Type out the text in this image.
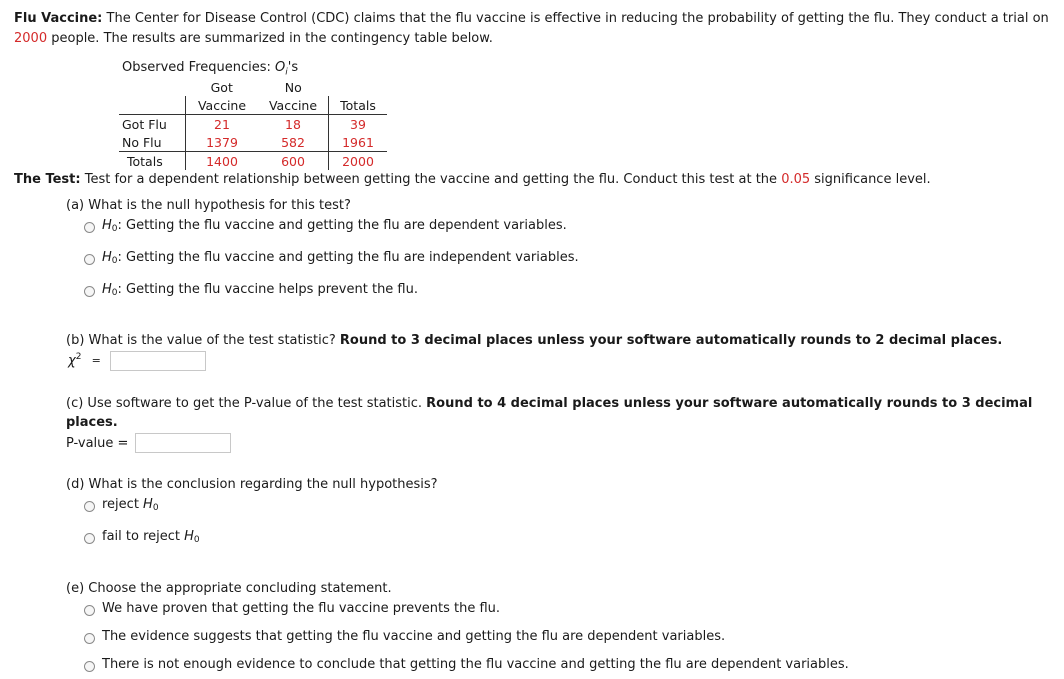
Flu Vaccine: The Center for Disease Control (CDC) claims that the flu vaccine is effective in reducing the probability of getting the flu. They conduct a trial on 2000 people. The results are summarized in the contingency table below.
Observed Frequencies: $O_i's$
	Got	No	
	Vaccine	Vaccine	Totals
Got Flu	21	18	39
No Flu	1379	582	1961
Totals	1400	600	2000
The Test: Test for a dependent relationship between getting the vaccine and getting the flu. Conduct this test at the 0.05 significance level.
(a) What is the null hypothesis for this test?
H0: Getting the flu vaccine and getting the flu are dependent variables.
H0: Getting the flu vaccine and getting the flu are independent variables.
H0: Getting the flu vaccine helps prevent the flu.
(b) What is the value of the test statistic? Round to 3 decimal places unless your software automatically rounds to 2 decimal places.
$\chi^2$ =
(c) Use software to get the P-value of the test statistic. Round to 4 decimal places unless your software automatically rounds to 3 decimal
places.
P-value =
(d) What is the conclusion regarding the null hypothesis?
reject H0
fail to reject H0
(e) Choose the appropriate concluding statement.
We have proven that getting the flu vaccine prevents the flu.
The evidence suggests that getting the flu vaccine and getting the flu are dependent variables.
There is not enough evidence to conclude that getting the flu vaccine and getting the flu are dependent variables.
